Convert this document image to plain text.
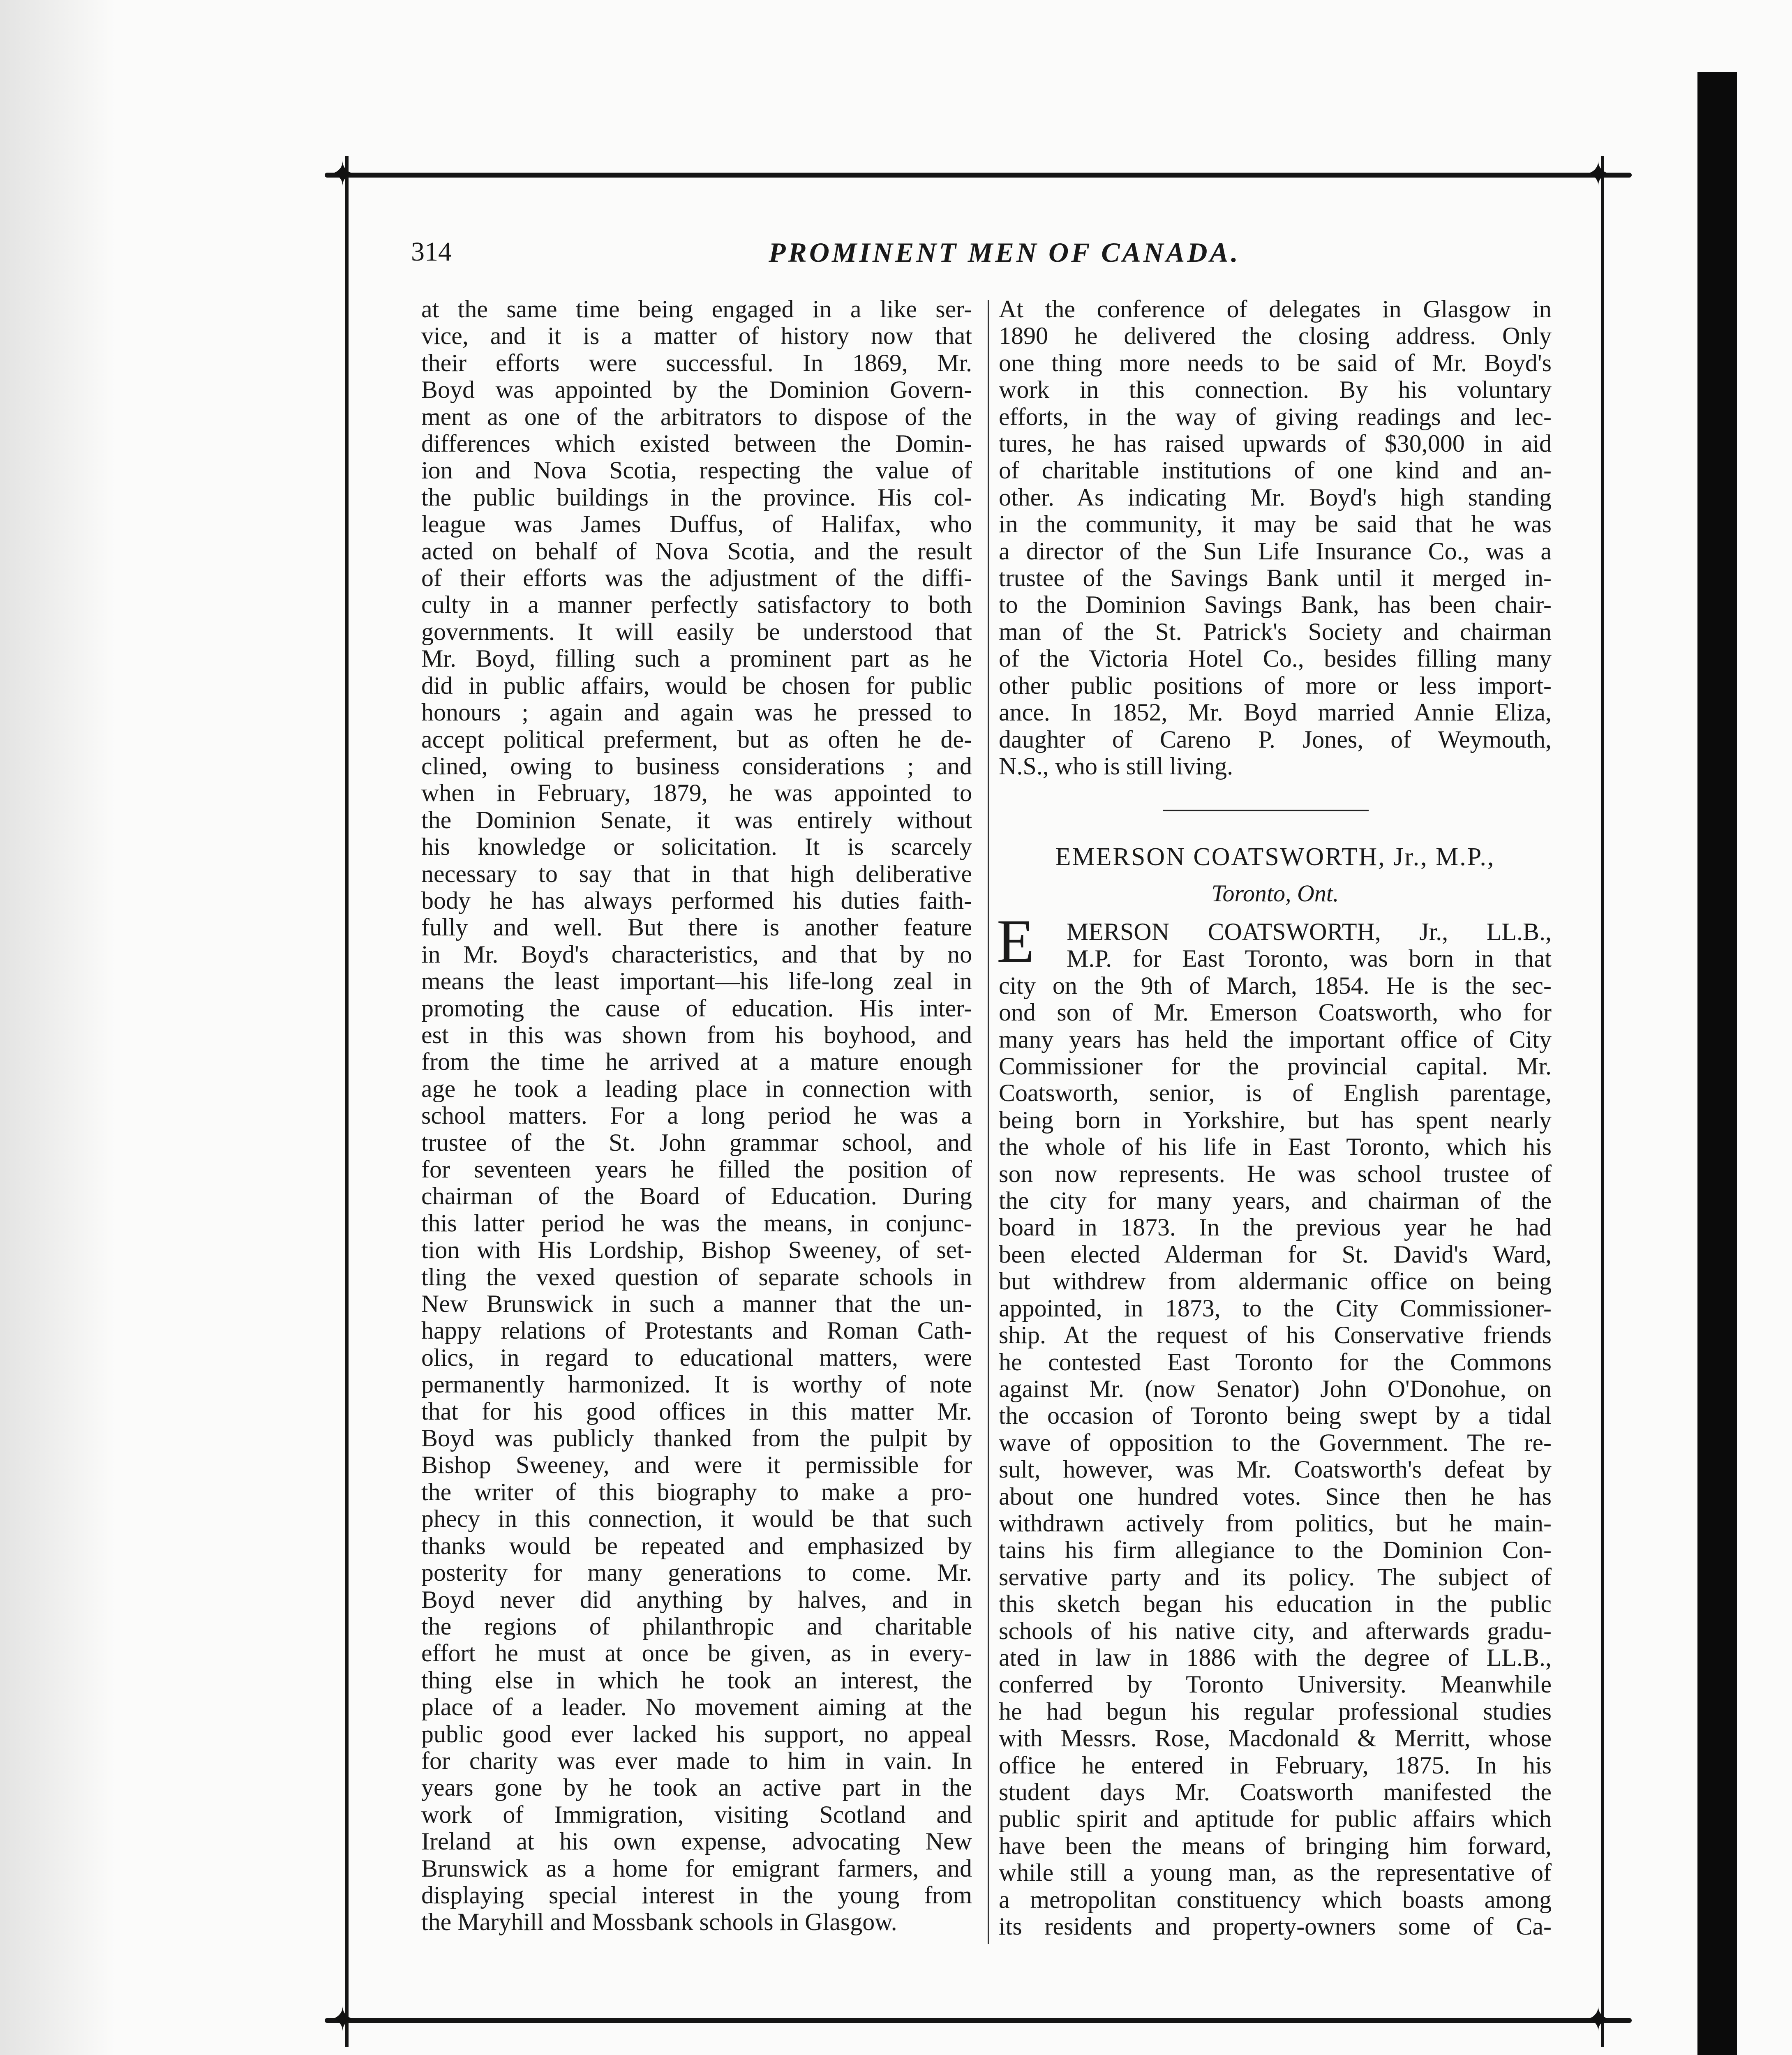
✦	✦
✦	✦
314	PROMINENT MEN OF CANADA.
at the same time being engaged in a like ser-
vice, and it is a matter of history now that
their efforts were successful. In 1869, Mr.
Boyd was appointed by the Dominion Govern-
ment as one of the arbitrators to dispose of the
differences which existed between the Domin-
ion and Nova Scotia, respecting the value of
the public buildings in the province. His col-
league was James Duffus, of Halifax, who
acted on behalf of Nova Scotia, and the result
of their efforts was the adjustment of the diffi-
culty in a manner perfectly satisfactory to both
governments. It will easily be understood that
Mr. Boyd, filling such a prominent part as he
did in public affairs, would be chosen for public
honours ; again and again was he pressed to
accept political preferment, but as often he de-
clined, owing to business considerations ; and
when in February, 1879, he was appointed to
the Dominion Senate, it was entirely without
his knowledge or solicitation. It is scarcely
necessary to say that in that high deliberative
body he has always performed his duties faith-
fully and well. But there is another feature
in Mr. Boyd's characteristics, and that by no
means the least important—his life-long zeal in
promoting the cause of education. His inter-
est in this was shown from his boyhood, and
from the time he arrived at a mature enough
age he took a leading place in connection with
school matters. For a long period he was a
trustee of the St. John grammar school, and
for seventeen years he filled the position of
chairman of the Board of Education. During
this latter period he was the means, in conjunc-
tion with His Lordship, Bishop Sweeney, of set-
tling the vexed question of separate schools in
New Brunswick in such a manner that the un-
happy relations of Protestants and Roman Cath-
olics, in regard to educational matters, were
permanently harmonized. It is worthy of note
that for his good offices in this matter Mr.
Boyd was publicly thanked from the pulpit by
Bishop Sweeney, and were it permissible for
the writer of this biography to make a pro-
phecy in this connection, it would be that such
thanks would be repeated and emphasized by
posterity for many generations to come. Mr.
Boyd never did anything by halves, and in
the regions of philanthropic and charitable
effort he must at once be given, as in every-
thing else in which he took an interest, the
place of a leader. No movement aiming at the
public good ever lacked his support, no appeal
for charity was ever made to him in vain. In
years gone by he took an active part in the
work of Immigration, visiting Scotland and
Ireland at his own expense, advocating New
Brunswick as a home for emigrant farmers, and
displaying special interest in the young from
the Maryhill and Mossbank schools in Glasgow.
At the conference of delegates in Glasgow in
1890 he delivered the closing address. Only
one thing more needs to be said of Mr. Boyd's
work in this connection. By his voluntary
efforts, in the way of giving readings and lec-
tures, he has raised upwards of $30,000 in aid
of charitable institutions of one kind and an-
other. As indicating Mr. Boyd's high standing
in the community, it may be said that he was
a director of the Sun Life Insurance Co., was a
trustee of the Savings Bank until it merged in-
to the Dominion Savings Bank, has been chair-
man of the St. Patrick's Society and chairman
of the Victoria Hotel Co., besides filling many
other public positions of more or less import-
ance. In 1852, Mr. Boyd married Annie Eliza,
daughter of Careno P. Jones, of Weymouth,
N.S., who is still living.
EMERSON COATSWORTH, Jr., M.P.,
Toronto, Ont.
E	MERSON COATSWORTH, Jr., LL.B.,
M.P. for East Toronto, was born in that
city on the 9th of March, 1854. He is the sec-
ond son of Mr. Emerson Coatsworth, who for
many years has held the important office of City
Commissioner for the provincial capital. Mr.
Coatsworth, senior, is of English parentage,
being born in Yorkshire, but has spent nearly
the whole of his life in East Toronto, which his
son now represents. He was school trustee of
the city for many years, and chairman of the
board in 1873. In the previous year he had
been elected Alderman for St. David's Ward,
but withdrew from aldermanic office on being
appointed, in 1873, to the City Commissioner-
ship. At the request of his Conservative friends
he contested East Toronto for the Commons
against Mr. (now Senator) John O'Donohue, on
the occasion of Toronto being swept by a tidal
wave of opposition to the Government. The re-
sult, however, was Mr. Coatsworth's defeat by
about one hundred votes. Since then he has
withdrawn actively from politics, but he main-
tains his firm allegiance to the Dominion Con-
servative party and its policy. The subject of
this sketch began his education in the public
schools of his native city, and afterwards gradu-
ated in law in 1886 with the degree of LL.B.,
conferred by Toronto University. Meanwhile
he had begun his regular professional studies
with Messrs. Rose, Macdonald & Merritt, whose
office he entered in February, 1875. In his
student days Mr. Coatsworth manifested the
public spirit and aptitude for public affairs which
have been the means of bringing him forward,
while still a young man, as the representative of
a metropolitan constituency which boasts among
its residents and property-owners some of Ca-
